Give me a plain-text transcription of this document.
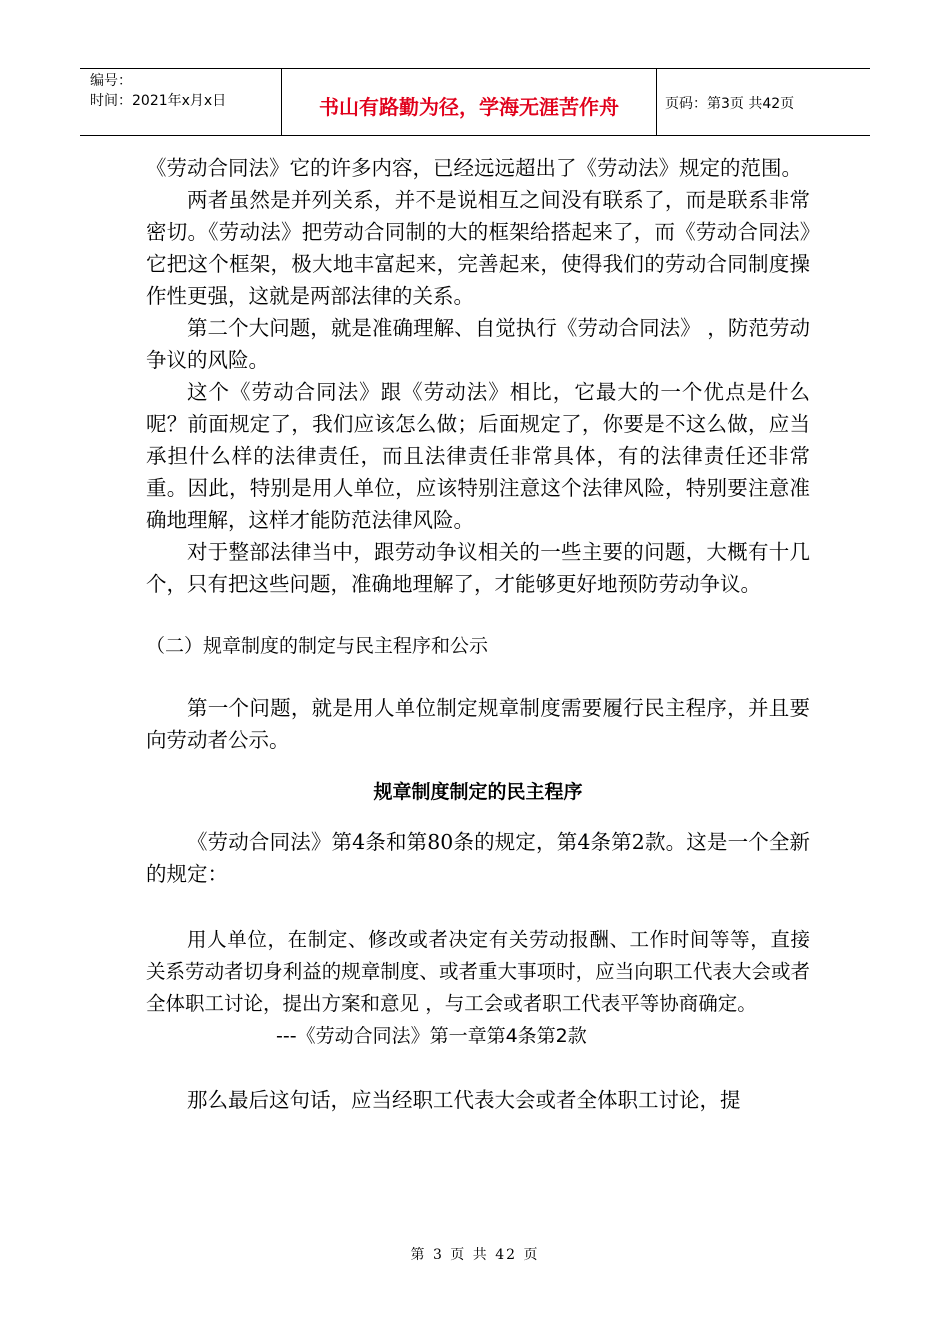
编号：
时间：2021年x月x日	书山有路勤为径，学海无涯苦作舟	页码：第3页 共42页

《劳动合同法》它的许多内容，已经远远超出了《劳动法》规定的范围。

两者虽然是并列关系，并不是说相互之间没有联系了，而是联系非常密切。《劳动法》把劳动合同制的大的框架给搭起来了，而《劳动合同法》它把这个框架，极大地丰富起来，完善起来，使得我们的劳动合同制度操作性更强，这就是两部法律的关系。

第二个大问题，就是准确理解、自觉执行《劳动合同法》 ，防范劳动争议的风险。

这个《劳动合同法》跟《劳动法》相比，它最大的一个优点是什么呢？前面规定了，我们应该怎么做；后面规定了，你要是不这么做，应当承担什么样的法律责任，而且法律责任非常具体，有的法律责任还非常重。因此，特别是用人单位，应该特别注意这个法律风险，特别要注意准确地理解，这样才能防范法律风险。

对于整部法律当中，跟劳动争议相关的一些主要的问题，大概有十几个，只有把这些问题，准确地理解了，才能够更好地预防劳动争议。

（二）规章制度的制定与民主程序和公示

第一个问题，就是用人单位制定规章制度需要履行民主程序，并且要向劳动者公示。

规章制度制定的民主程序

《劳动合同法》第4条和第80条的规定，第4条第2款。这是一个全新的规定：

用人单位，在制定、修改或者决定有关劳动报酬、工作时间等等，直接关系劳动者切身利益的规章制度、或者重大事项时，应当向职工代表大会或者全体职工讨论，提出方案和意见 ，与工会或者职工代表平等协商确定。

---《劳动合同法》第一章第4条第2款

那么最后这句话，应当经职工代表大会或者全体职工讨论，提

第 3 页 共 42 页
